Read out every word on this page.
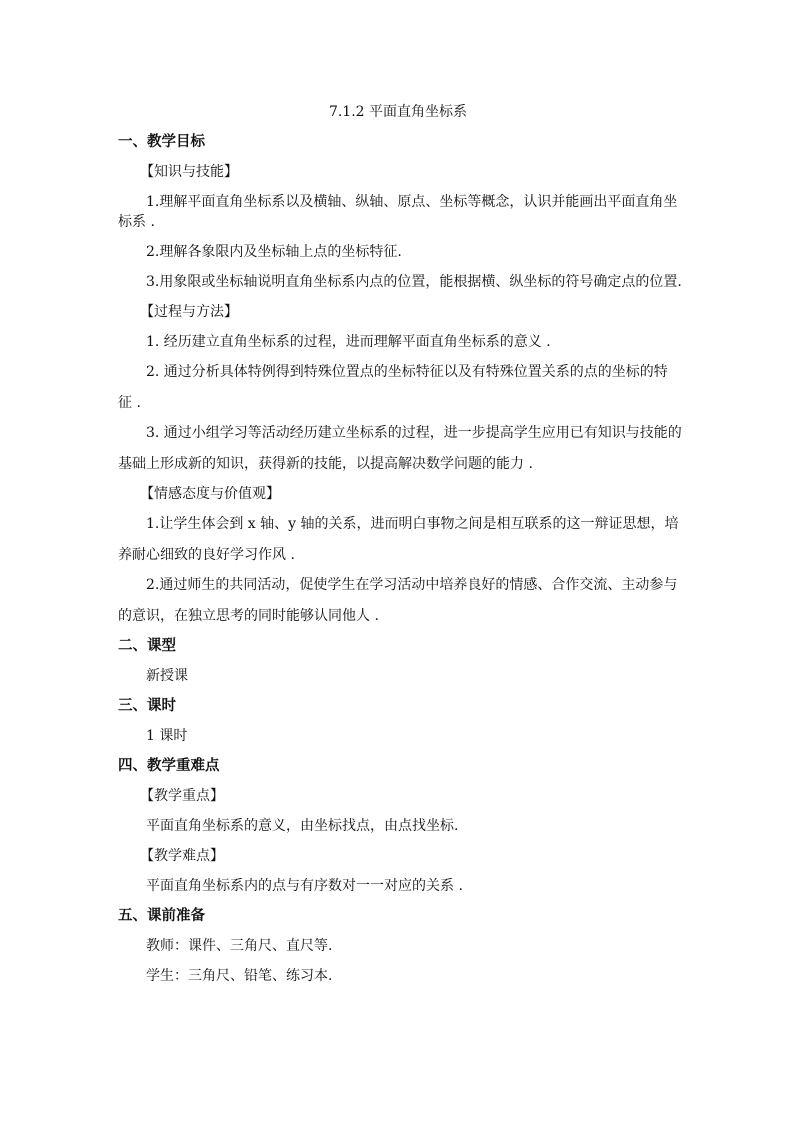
7.1.2 平面直角坐标系

一、教学目标

【知识与技能】

1.理解平面直角坐标系以及横轴、纵轴、原点、坐标等概念，认识并能画出平面直角坐

标系 .

2.理解各象限内及坐标轴上点的坐标特征.

3.用象限或坐标轴说明直角坐标系内点的位置，能根据横、纵坐标的符号确定点的位置.

【过程与方法】

1. 经历建立直角坐标系的过程，进而理解平面直角坐标系的意义 .

2. 通过分析具体特例得到特殊位置点的坐标特征以及有特殊位置关系的点的坐标的特

征 .

3. 通过小组学习等活动经历建立坐标系的过程，进一步提高学生应用已有知识与技能的

基础上形成新的知识，获得新的技能，以提高解决数学问题的能力 .

【情感态度与价值观】

1.让学生体会到 x 轴、y 轴的关系，进而明白事物之间是相互联系的这一辩证思想，培

养耐心细致的良好学习作风 .

2.通过师生的共同活动，促使学生在学习活动中培养良好的情感、合作交流、主动参与

的意识，在独立思考的同时能够认同他人 .

二、课型

新授课

三、课时

1 课时

四、教学重难点

【教学重点】

平面直角坐标系的意义，由坐标找点，由点找坐标.

【教学难点】

平面直角坐标系内的点与有序数对一一对应的关系 .

五、课前准备

教师：课件、三角尺、直尺等.

学生：三角尺、铅笔、练习本.
